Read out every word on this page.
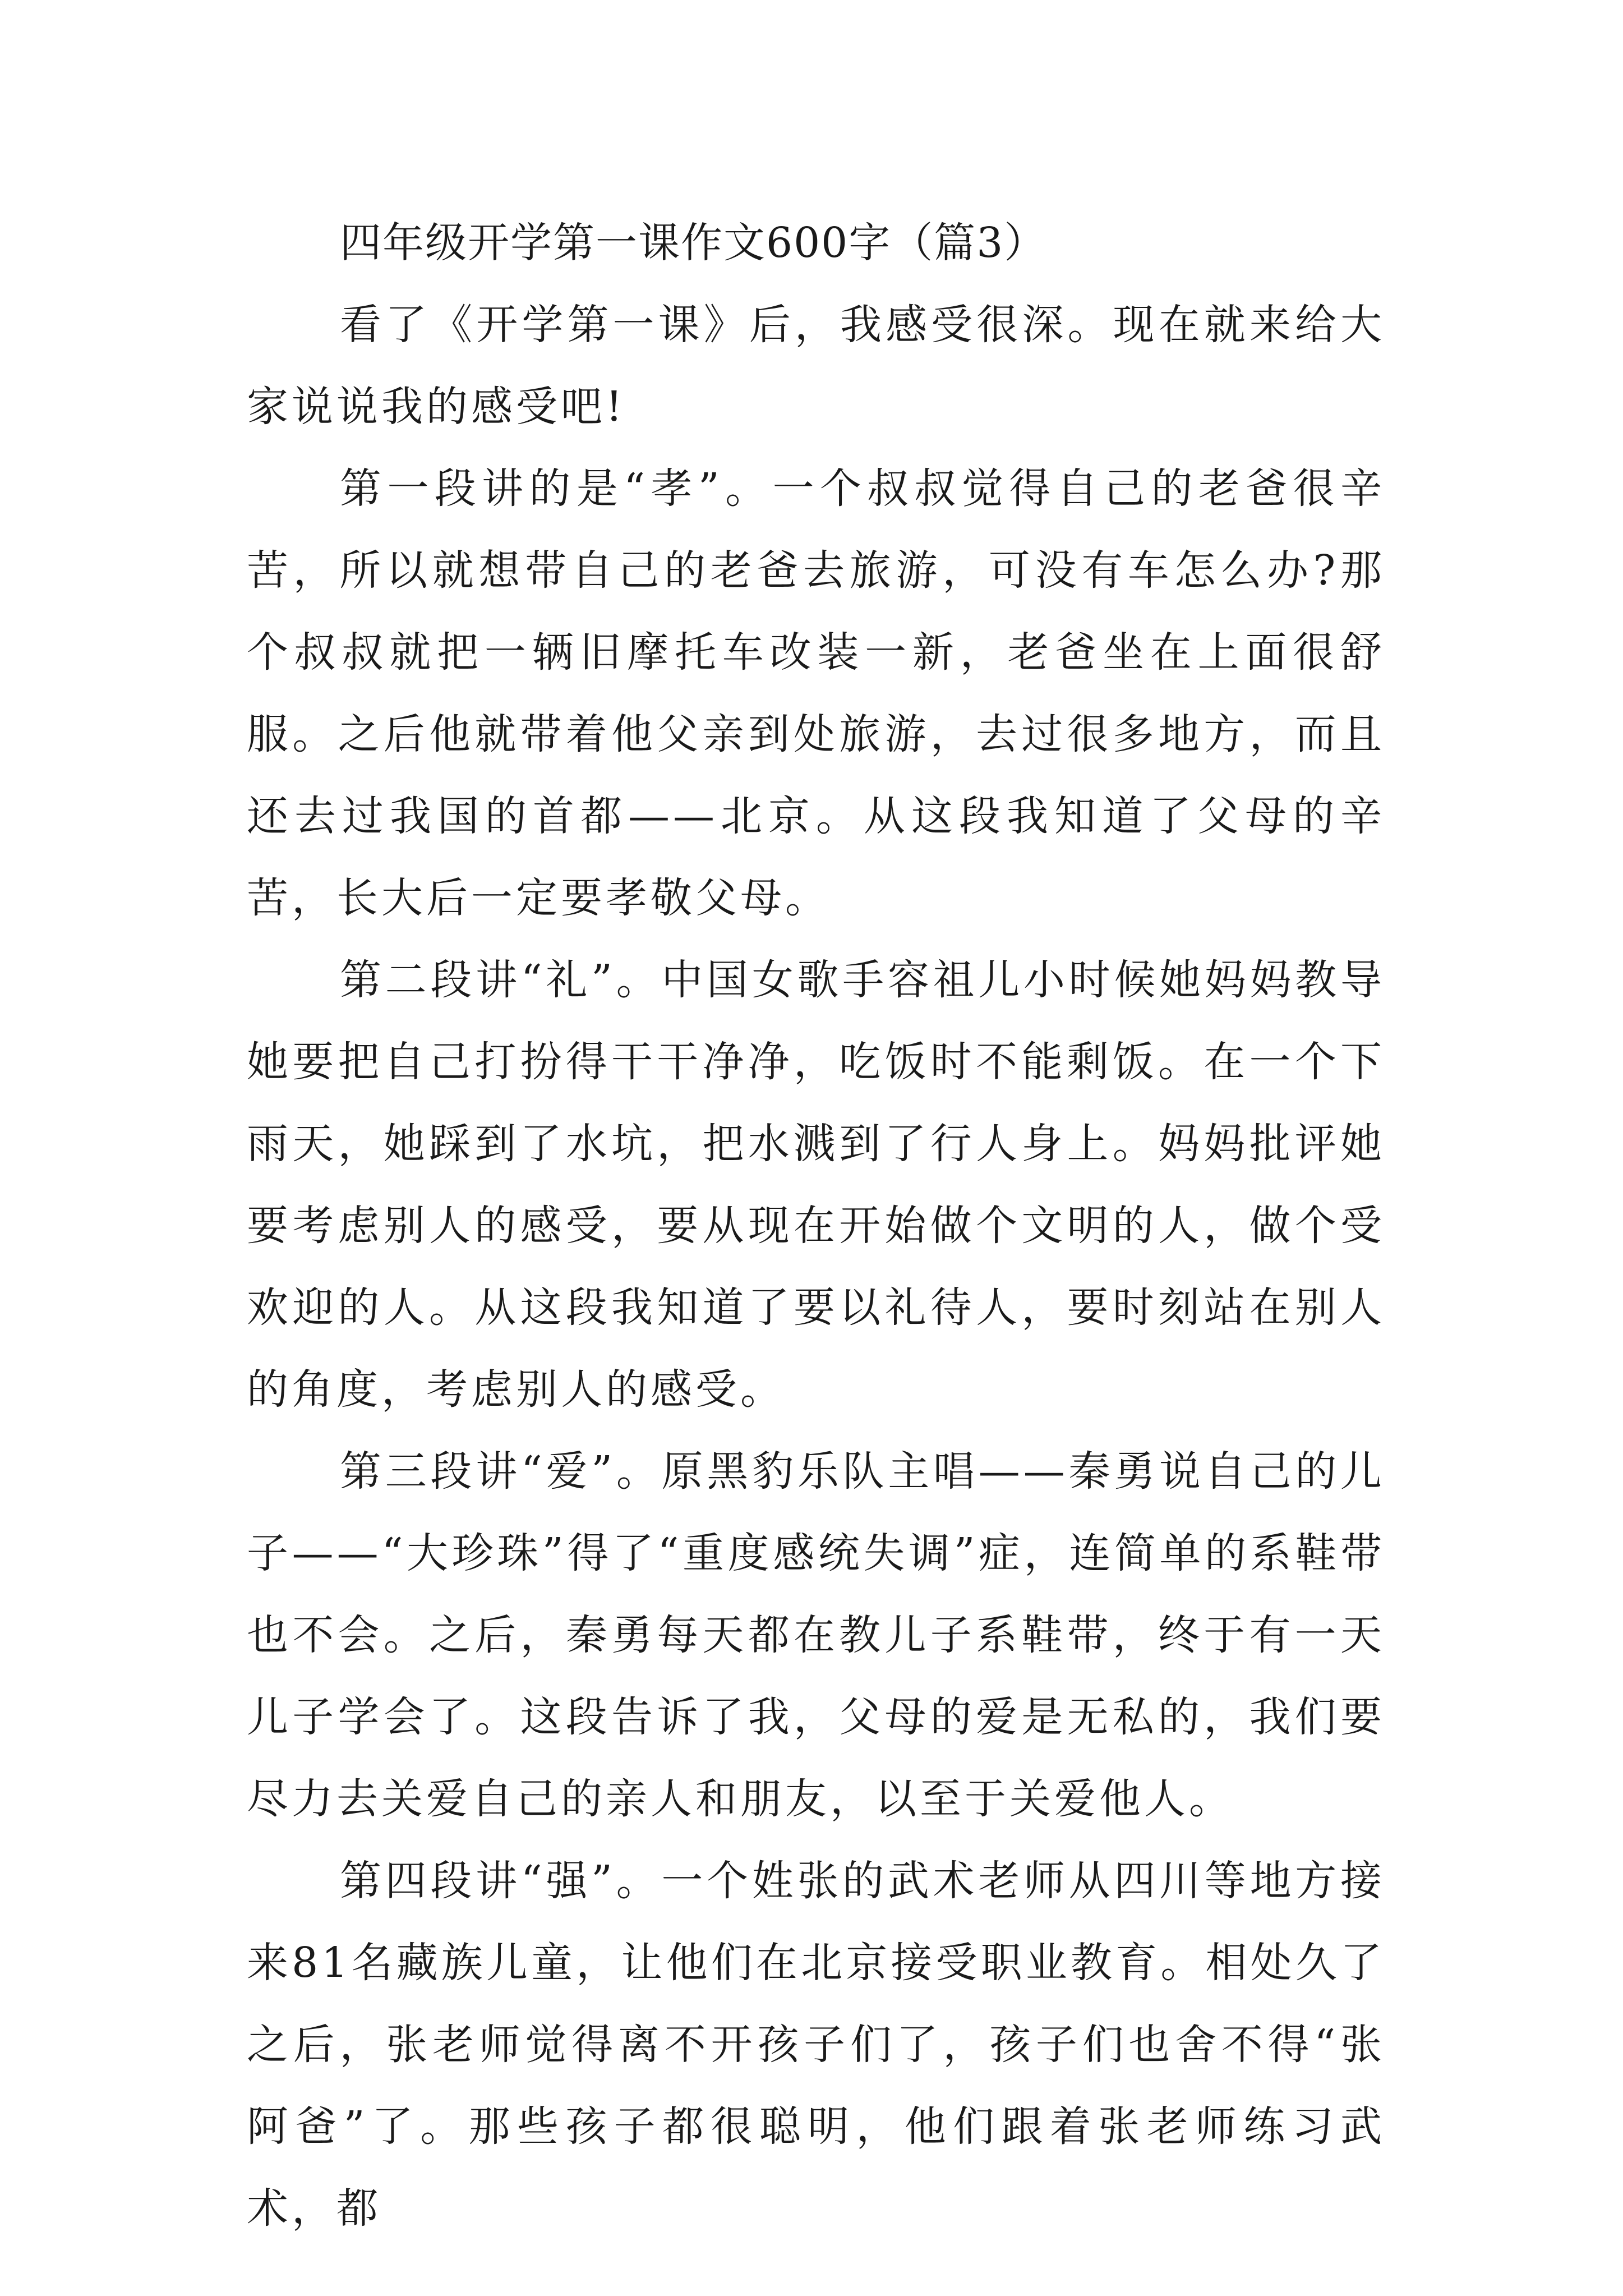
四年级开学第一课作文600字（篇3）

看了《开学第一课》后，我感受很深。现在就来给大家说说我的感受吧!

第一段讲的是“孝”。一个叔叔觉得自己的老爸很辛苦，所以就想带自己的老爸去旅游，可没有车怎么办?那个叔叔就把一辆旧摩托车改装一新，老爸坐在上面很舒服。之后他就带着他父亲到处旅游，去过很多地方，而且还去过我国的首都——北京。从这段我知道了父母的辛苦，长大后一定要孝敬父母。

第二段讲“礼”。中国女歌手容祖儿小时候她妈妈教导她要把自己打扮得干干净净，吃饭时不能剩饭。在一个下雨天，她踩到了水坑，把水溅到了行人身上。妈妈批评她要考虑别人的感受，要从现在开始做个文明的人，做个受欢迎的人。从这段我知道了要以礼待人，要时刻站在别人的角度，考虑别人的感受。

第三段讲“爱”。原黑豹乐队主唱——秦勇说自己的儿子——“大珍珠”得了“重度感统失调”症，连简单的系鞋带也不会。之后，秦勇每天都在教儿子系鞋带，终于有一天儿子学会了。这段告诉了我，父母的爱是无私的，我们要尽力去关爱自己的亲人和朋友，以至于关爱他人。

第四段讲“强”。一个姓张的武术老师从四川等地方接来81名藏族儿童，让他们在北京接受职业教育。相处久了之后，张老师觉得离不开孩子们了，孩子们也舍不得“张阿爸”了。那些孩子都很聪明，他们跟着张老师练习武术，都
